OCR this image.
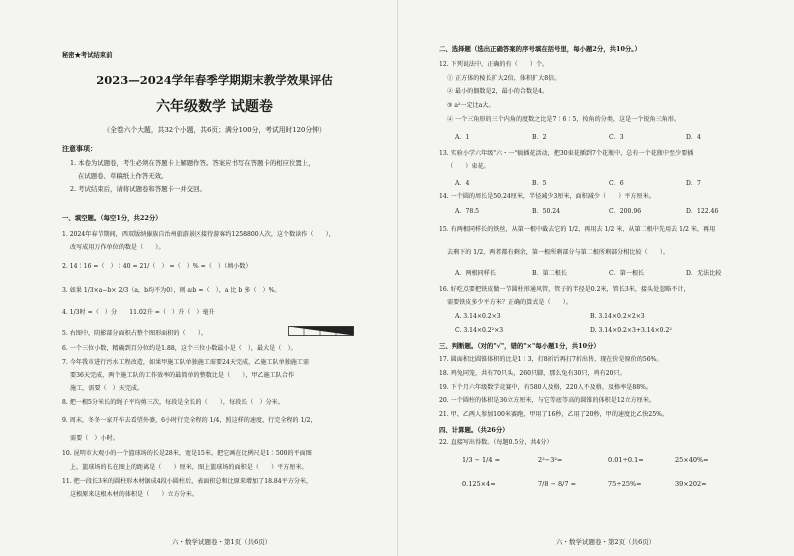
秘密★考试结束前
2023—2024学年春季学期期末教学效果评估
六年级数学 试题卷
（全卷六个大题，共32个小题，共6页；满分100分，考试用时120分钟）
注意事项：
1. 本卷为试题卷，考生必须在答题卡上解题作答。答案应书写在答题卡的相应位置上，
在试题卷、草稿纸上作答无效。
2. 考试结束后，请将试题卷和答题卡一并交回。
一、填空题。（每空1分，共22分）
1. 2024年春节期间，西双版纳傣族自治州旅游景区接待游客约1258800人次，这个数读作（　　），
改写成用万作单位的数是（　　）。
2. 14∶16 =（　）∶40 = 21/（　） =（　）% =（　）（填小数）
3. 如果 1/3×a−b× 2/3（a，b均不为0），则 a∶b =（　），a 比 b 多（　）%。
4. 1/3时 =（　）分　　11.02升 =（　）升（　）毫升
5. 右图中，阴影部分面积占整个图形面积的（　　）。
6. 一个三位小数，精确到百分位约是1.88，这个三位小数最小是（　），最大是（　）。
7. 今年我市进行污水工程改造，如果甲施工队单独施工需要24天完成，乙施工队单独施工需
要36天完成，两个施工队的工作效率的最简单的整数比是（　　），甲乙施工队合作
施工，需要（　）天完成。
8. 把一根5分米长的绳子平均剪三次，每段是全长的（　　），每段长（　）分米。
9. 周末，冬冬一家开车去看望外婆，6小时行完全程的 1/4，照这样的速度，行完全程的 1/2，
需要（　）小时。
10. 昆明市大观小的一个篮球场的长是28米，宽是15米。把它画在比例尺是1∶500的平面图
上，篮球场的长在图上的距离是（　　）厘米，图上篮球场的面积是（　　）平方厘米。
11. 把一段长3米的圆柱形木材锯成4段小圆柱后，表面积总和比原来增加了18.84平方分米，
这根原来这根木材的体积是（　　）立方分米。
六・数学试题卷・第1页（共6页）
二、选择题（选出正确答案的序号填在括号里，每小题2分，共10分。）
12. 下列说法中，正确的有（　　）个。
① 正方体的棱长扩大2倍，体积扩大8倍。
② 最小的偶数是2，最小的合数是4。
③ a²一定比a大。
④ 一个三角形的三个内角的度数之比是7∶6∶5，按角的分类，这是一个锐角三角形。
A．1	B．2	C．3	D．4
13. 实验小学六年级"六・一"搞插花活动，把30束花插到7个花瓶中，总有一个花瓶中至少要插
（　　）束花。
A．4	B．5	C．6	D．7
14. 一个圆的周长是50.24厘米，半径减少3厘米，面积减少（　　）平方厘米。
A．78.5	B．50.24	C．200.96	D．122.46
15. 有两根同样长的铁丝，从第一根中截去它的 1/2，再用去 1/2 米，从第二根中先用去 1/2 米，再用
去剩下的 1/2，两者都有剩余，第一根所剩部分与第二根所剩部分相比较（　　）。
A．两根同样长	B．第二根长	C．第一根长	D．无法比较
16. 好吃点要把铁皮做一节圆柱形通风管，管子的半径是0.2米，管长3米，接头处忽略不计，
需要铁皮多少平方米？正确的算式是（　　）。
A. 3.14×0.2×3	B. 3.14×0.2×2×3
C. 3.14×0.2²×3	D. 3.14×0.2×3+3.14×0.2²
三、判断题。（对的"√"，错的"×"每小题1分，共10分）
17. 圆面积比圆锥体积的比是1∶3，打8折后再打7折出售，现在价是原价的56%。
18. 鸡兔同笼，共有70只头，260只脚，那么兔有30只，鸡有20只。
19. 下个月六年级数学竞赛中，有580人及格，220人不及格，及格率是88%。
20. 一个圆柱的体积是36立方厘米，与它等底等高的圆锥的体积是12立方厘米。
21. 甲、乙两人参加100米赛跑，甲用了16秒，乙用了20秒，甲的速度比乙快25%。
四、计算题。（共26分）
22. 直接写出得数。（每题0.5分，共4分）
1/3 − 1/4 =	2²−3²=	0.01÷0.1=	25×40%=
0.125×4=	7/8 − 8/7 =	75÷25%=	39×202≈
六・数学试题卷・第2页（共6页）
